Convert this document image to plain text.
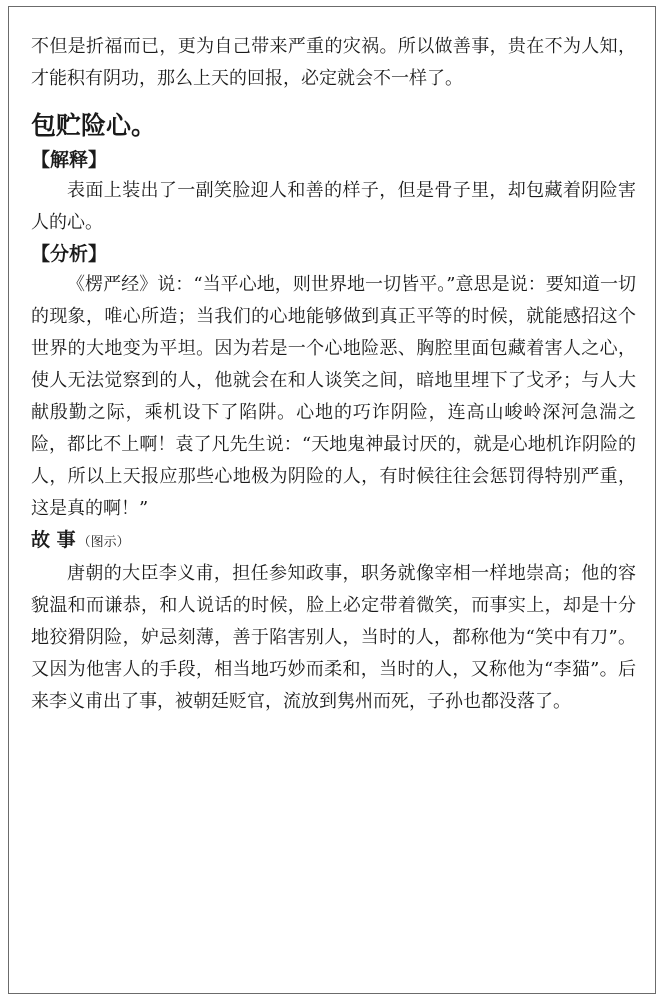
不但是折福而已，更为自己带来严重的灾祸。所以做善事，贵在不为人知，才能积有阴功，那么上天的回报，必定就会不一样了。

包贮险心。
【解释】

表面上装出了一副笑脸迎人和善的样子，但是骨子里，却包藏着阴险害人的心。

【分析】

《楞严经》说：“当平心地，则世界地一切皆平。”意思是说：要知道一切的现象，唯心所造；当我们的心地能够做到真正平等的时候，就能感招这个世界的大地变为平坦。因为若是一个心地险恶、胸腔里面包藏着害人之心，使人无法觉察到的人，他就会在和人谈笑之间，暗地里埋下了戈矛；与人大献殷勤之际，乘机设下了陷阱。心地的巧诈阴险，连高山峻岭深河急湍之险，都比不上啊！袁了凡先生说：“天地鬼神最讨厌的，就是心地机诈阴险的人，所以上天报应那些心地极为阴险的人，有时候往往会惩罚得特别严重，这是真的啊！”

故 事 （图示）

唐朝的大臣李义甫，担任参知政事，职务就像宰相一样地崇高；他的容貌温和而谦恭，和人说话的时候，脸上必定带着微笑，而事实上，却是十分地狡猾阴险，妒忌刻薄，善于陷害别人，当时的人，都称他为“笑中有刀”。又因为他害人的手段，相当地巧妙而柔和，当时的人，又称他为“李猫”。后来李义甫出了事，被朝廷贬官，流放到隽州而死，子孙也都没落了。
